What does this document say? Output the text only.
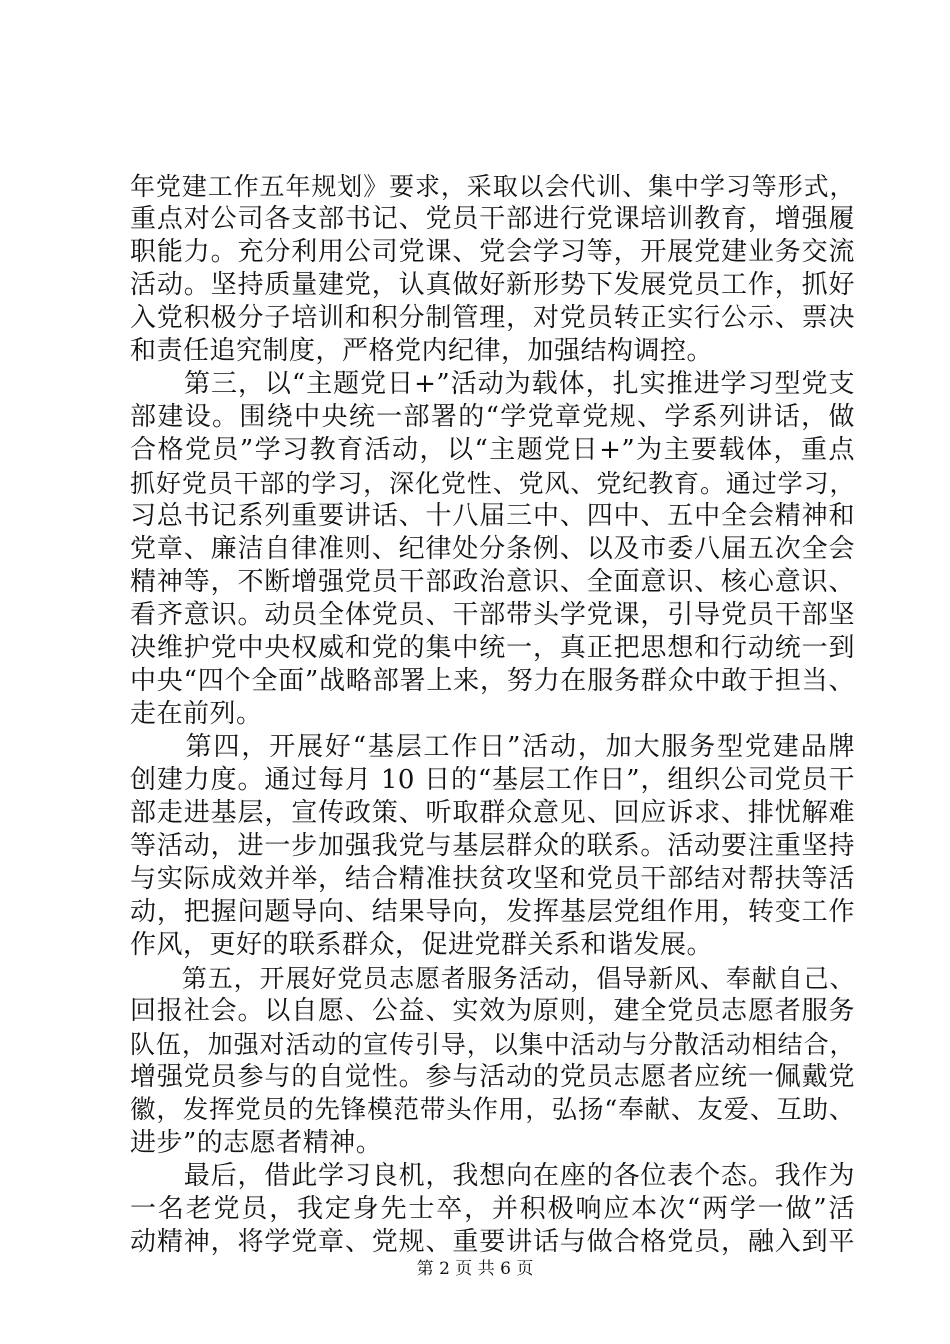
年党建工作五年规划》要求，采取以会代训、集中学习等形式，
重点对公司各支部书记、党员干部进行党课培训教育，增强履
职能力。充分利用公司党课、党会学习等，开展党建业务交流
活动。坚持质量建党，认真做好新形势下发展党员工作，抓好
入党积极分子培训和积分制管理，对党员转正实行公示、票决
和责任追究制度，严格党内纪律，加强结构调控。
　　第三，以“主题党日+”活动为载体，扎实推进学习型党支
部建设。围绕中央统一部署的“学党章党规、学系列讲话，做
合格党员”学习教育活动，以“主题党日+”为主要载体，重点
抓好党员干部的学习，深化党性、党风、党纪教育。通过学习，
习总书记系列重要讲话、十八届三中、四中、五中全会精神和
党章、廉洁自律准则、纪律处分条例、以及市委八届五次全会
精神等，不断增强党员干部政治意识、全面意识、核心意识、
看齐意识。动员全体党员、干部带头学党课，引导党员干部坚
决维护党中央权威和党的集中统一，真正把思想和行动统一到
中央“四个全面”战略部署上来，努力在服务群众中敢于担当、
走在前列。
　　第四，开展好“基层工作日”活动，加大服务型党建品牌
创建力度。通过每月 10 日的“基层工作日”，组织公司党员干
部走进基层，宣传政策、听取群众意见、回应诉求、排忧解难
等活动，进一步加强我党与基层群众的联系。活动要注重坚持
与实际成效并举，结合精准扶贫攻坚和党员干部结对帮扶等活
动，把握问题导向、结果导向，发挥基层党组作用，转变工作
作风，更好的联系群众，促进党群关系和谐发展。
　　第五，开展好党员志愿者服务活动，倡导新风、奉献自己、
回报社会。以自愿、公益、实效为原则，建全党员志愿者服务
队伍，加强对活动的宣传引导，以集中活动与分散活动相结合，
增强党员参与的自觉性。参与活动的党员志愿者应统一佩戴党
徽，发挥党员的先锋模范带头作用，弘扬“奉献、友爱、互助、
进步”的志愿者精神。
　　最后，借此学习良机，我想向在座的各位表个态。我作为
一名老党员，我定身先士卒，并积极响应本次“两学一做”活
动精神，将学党章、党规、重要讲话与做合格党员，融入到平
第 2 页 共 6 页
